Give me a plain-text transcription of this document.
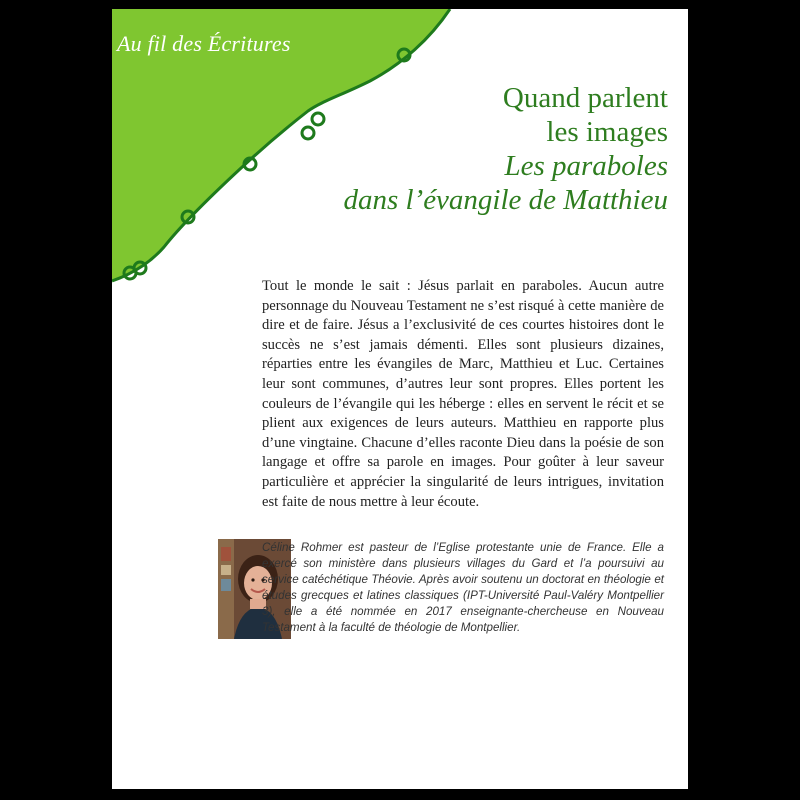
Au fil des Écritures
Quand parlent
les images
Les paraboles
dans l’évangile de Matthieu
Tout le monde le sait : Jésus parlait en paraboles. Aucun autre personnage du Nouveau Testament ne s’est risqué à cette manière de dire et de faire. Jésus a l’exclusivité de ces courtes histoires dont le succès ne s’est jamais démenti. Elles sont plusieurs dizaines, réparties entre les évangiles de Marc, Matthieu et Luc. Certaines leur sont communes, d’autres leur sont propres. Elles portent les couleurs de l’évangile qui les héberge : elles en servent le récit et se plient aux exigences de leurs auteurs. Matthieu en rapporte plus d’une vingtaine. Chacune d’elles raconte Dieu dans la poésie de son langage et offre sa parole en images. Pour goûter à leur saveur particulière et apprécier la singularité de leurs intrigues, invitation est faite de nous mettre à leur écoute.
Céline Rohmer est pasteur de l’Eglise protestante unie de France. Elle a exercé son ministère dans plusieurs villages du Gard et l’a poursuivi au service catéchétique Théovie. Après avoir soutenu un doctorat en théologie et études grecques et latines classiques (IPT-Université Paul-Valéry Montpellier 3), elle a été nommée en 2017 enseignante-chercheuse en Nouveau Testament à la faculté de théologie de Montpellier.
